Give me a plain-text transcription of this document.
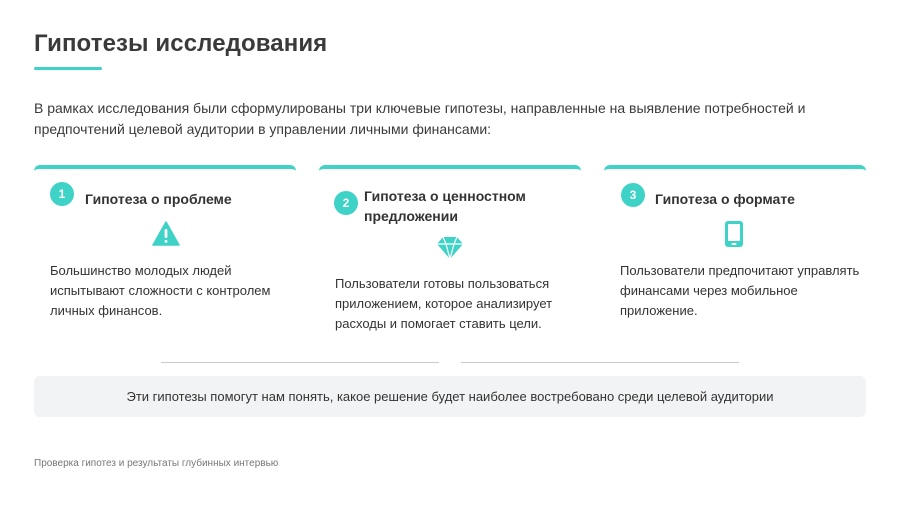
Гипотезы исследования

В рамках исследования были сформулированы три ключевые гипотезы, направленные на выявление потребностей и предпочтений целевой аудитории в управлении личными финансами:

1	Гипотеза о проблеме
Большинство молодых людей испытывают сложности с контролем личных финансов.
2	Гипотеза о ценностном предложении
Пользователи готовы пользоваться приложением, которое анализирует расходы и помогает ставить цели.
3	Гипотеза о формате
Пользователи предпочитают управлять финансами через мобильное приложение.
Эти гипотезы помогут нам понять, какое решение будет наиболее востребовано среди целевой аудитории
Проверка гипотез и результаты глубинных интервью
